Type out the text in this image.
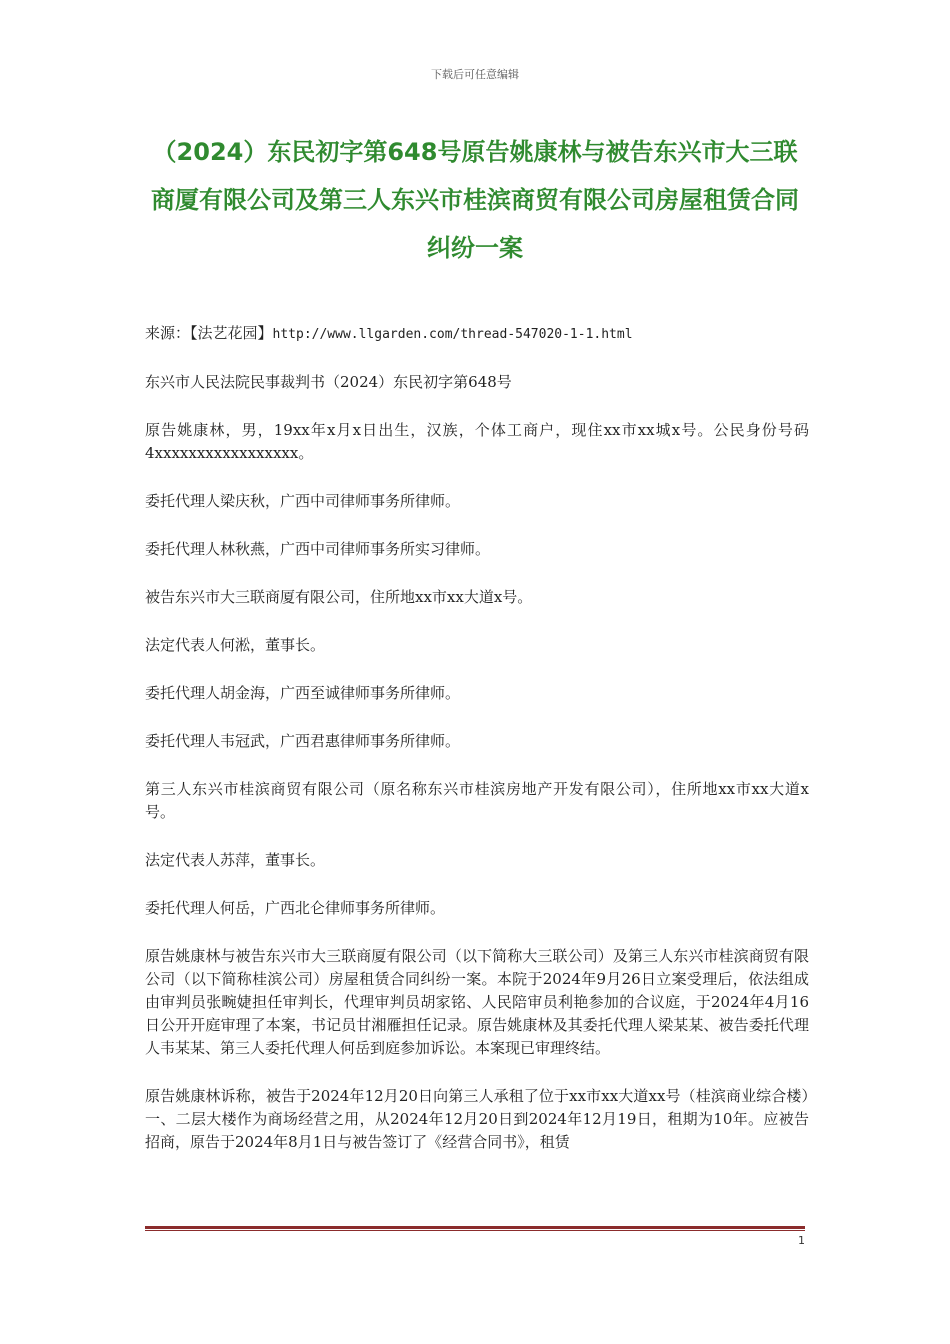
下载后可任意编辑
（2024）东民初字第648号原告姚康林与被告东兴市大三联商厦有限公司及第三人东兴市桂滨商贸有限公司房屋租赁合同纠纷一案

来源：【法艺花园】http://www.llgarden.com/thread-547020-1-1.html

东兴市人民法院民事裁判书（2024）东民初字第648号

原告姚康林，男，19xx年x月x日出生，汉族，个体工商户，现住xx市xx城x号。公民身份号码4xxxxxxxxxxxxxxxxx。

委托代理人梁庆秋，广西中司律师事务所律师。

委托代理人林秋燕，广西中司律师事务所实习律师。

被告东兴市大三联商厦有限公司，住所地xx市xx大道x号。

法定代表人何淞，董事长。

委托代理人胡金海，广西至诚律师事务所律师。

委托代理人韦冠武，广西君惠律师事务所律师。

第三人东兴市桂滨商贸有限公司（原名称东兴市桂滨房地产开发有限公司），住所地xx市xx大道x号。

法定代表人苏萍，董事长。

委托代理人何岳，广西北仑律师事务所律师。

原告姚康林与被告东兴市大三联商厦有限公司（以下简称大三联公司）及第三人东兴市桂滨商贸有限公司（以下简称桂滨公司）房屋租赁合同纠纷一案。本院于2024年9月26日立案受理后，依法组成由审判员张畹婕担任审判长，代理审判员胡家铭、人民陪审员利艳参加的合议庭，于2024年4月16日公开开庭审理了本案，书记员甘湘雁担任记录。原告姚康林及其委托代理人梁某某、被告委托代理人韦某某、第三人委托代理人何岳到庭参加诉讼。本案现已审理终结。

原告姚康林诉称，被告于2024年12月20日向第三人承租了位于xx市xx大道xx号（桂滨商业综合楼）一、二层大楼作为商场经营之用，从2024年12月20日到2024年12月19日，租期为10年。应被告招商，原告于2024年8月1日与被告签订了《经营合同书》，租赁

1
